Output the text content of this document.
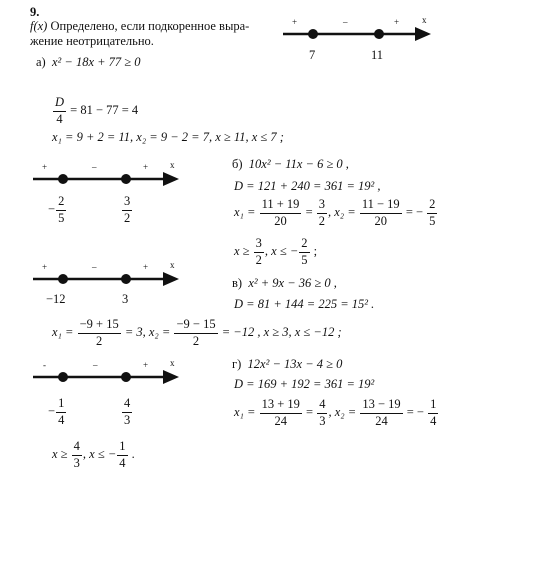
9.
f(x) Определено, если подкоренное выра-
жение неотрицательно.
а) x² − 18x + 77 ≥ 0
+	–	+	x
7	11
$\frac{D}{4} = 81 - 77 = 4$
x₁ = 9 + 2 = 11, x₂ = 9 − 2 = 7, x ≥ 11, x ≤ 7 ;
+	–	+ x
− $\frac{2}{5}$	$\frac{3}{2}$
б) 10x² − 11x − 6 ≥ 0 ,
D = 121 + 240 = 361 = 19² ,
$x_1 = \frac{11 + 19}{20} = \frac{3}{2}$ , $x_2 = \frac{11 - 19}{20}$ = − $\frac{2}{5}$
$x \ge \frac{3}{2}$ , x ≤ − $\frac{2}{5}$ ;
+	–	+ x
−12	3
в) x² + 9x − 36 ≥ 0 ,
D = 81 + 144 = 225 = 15² .
$x_1 = \frac{-9 + 15}{2} = 3$, $x_2 = \frac{-9 - 15}{2} = -12$ , x ≥ 3, x ≤ −12 ;
-	–	+ x
− $\frac{1}{4}$	$\frac{4}{3}$
г) 12x² − 13x − 4 ≥ 0
D = 169 + 192 = 361 = 19²
$x_1 = \frac{13 + 19}{24} = \frac{4}{3}$ , $x_2 = \frac{13 - 19}{24}$ = − $\frac{1}{4}$
$x \ge \frac{4}{3}$ , x ≤ − $\frac{1}{4}$ .
